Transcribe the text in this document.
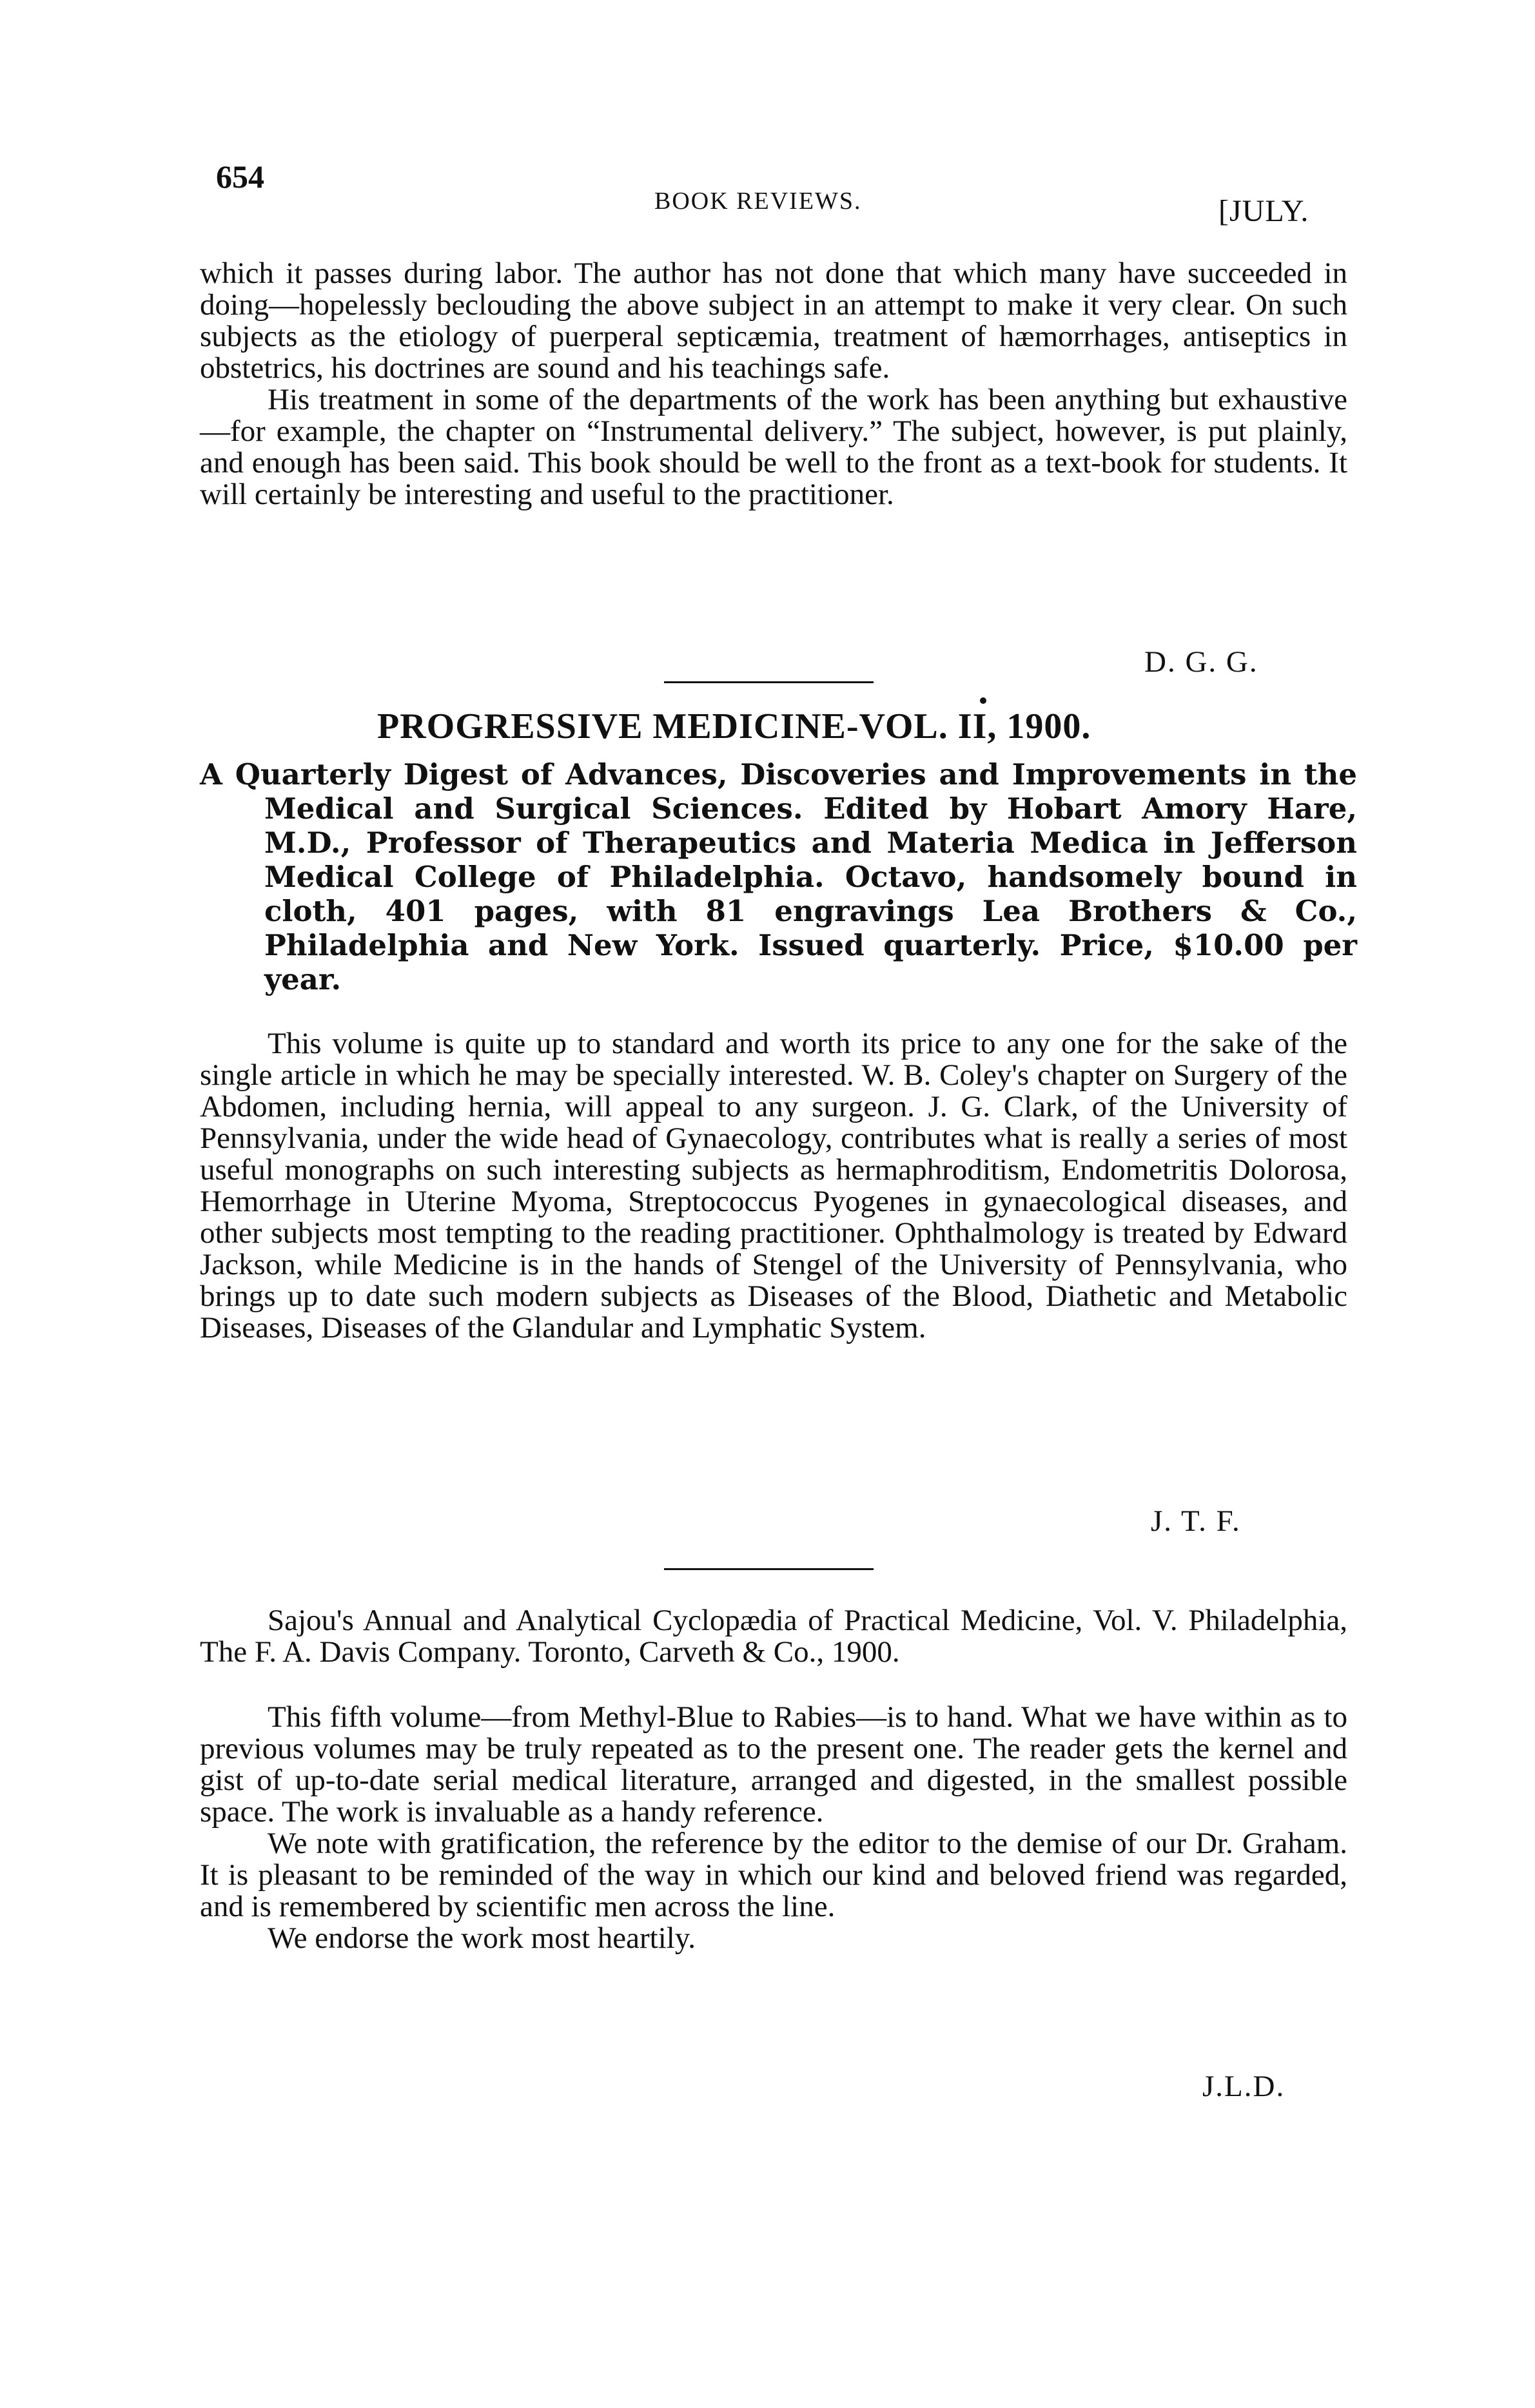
654
BOOK REVIEWS.	[JULY.

which it passes during labor. The author has not done that which many have succeeded in doing—hopelessly beclouding the above subject in an attempt to make it very clear. On such subjects as the etiology of puerperal septicæmia, treatment of hæmorrhages, antiseptics in obstetrics, his doctrines are sound and his teachings safe.

His treatment in some of the departments of the work has been anything but exhaustive—for example, the chapter on “Instrumental delivery.” The subject, however, is put plainly, and enough has been said. This book should be well to the front as a text-book for students. It will certainly be interesting and useful to the practitioner.

D. G. G.
PROGRESSIVE MEDICINE-VOL. II, 1900.

A Quarterly Digest of Advances, Discoveries and Improvements in the Medical and Surgical Sciences. Edited by Hobart Amory Hare, M.D., Professor of Therapeutics and Materia Medica in Jefferson Medical College of Philadelphia. Octavo, handsomely bound in cloth, 401 pages, with 81 engravings Lea Brothers & Co., Philadelphia and New York. Issued quarterly. Price, $10.00 per year.

This volume is quite up to standard and worth its price to any one for the sake of the single article in which he may be specially interested. W. B. Coley's chapter on Surgery of the Abdomen, including hernia, will appeal to any surgeon. J. G. Clark, of the University of Pennsylvania, under the wide head of Gynaecology, contributes what is really a series of most useful monographs on such interesting subjects as hermaphroditism, Endometritis Dolorosa, Hemorrhage in Uterine Myoma, Streptococcus Pyogenes in gynaecological diseases, and other subjects most tempting to the reading practitioner. Ophthalmology is treated by Edward Jackson, while Medicine is in the hands of Stengel of the University of Pennsylvania, who brings up to date such modern subjects as Diseases of the Blood, Diathetic and Metabolic Diseases, Diseases of the Glandular and Lymphatic System.

J. T. F.

Sajou's Annual and Analytical Cyclopædia of Practical Medicine, Vol. V. Philadelphia, The F. A. Davis Company. Toronto, Carveth & Co., 1900.

This fifth volume—from Methyl-Blue to Rabies—is to hand. What we have within as to previous volumes may be truly repeated as to the present one. The reader gets the kernel and gist of up-to-date serial medical literature, arranged and digested, in the smallest possible space. The work is invaluable as a handy reference.

We note with gratification, the reference by the editor to the demise of our Dr. Graham. It is pleasant to be reminded of the way in which our kind and beloved friend was regarded, and is remembered by scientific men across the line.

We endorse the work most heartily.

J.L.D.
